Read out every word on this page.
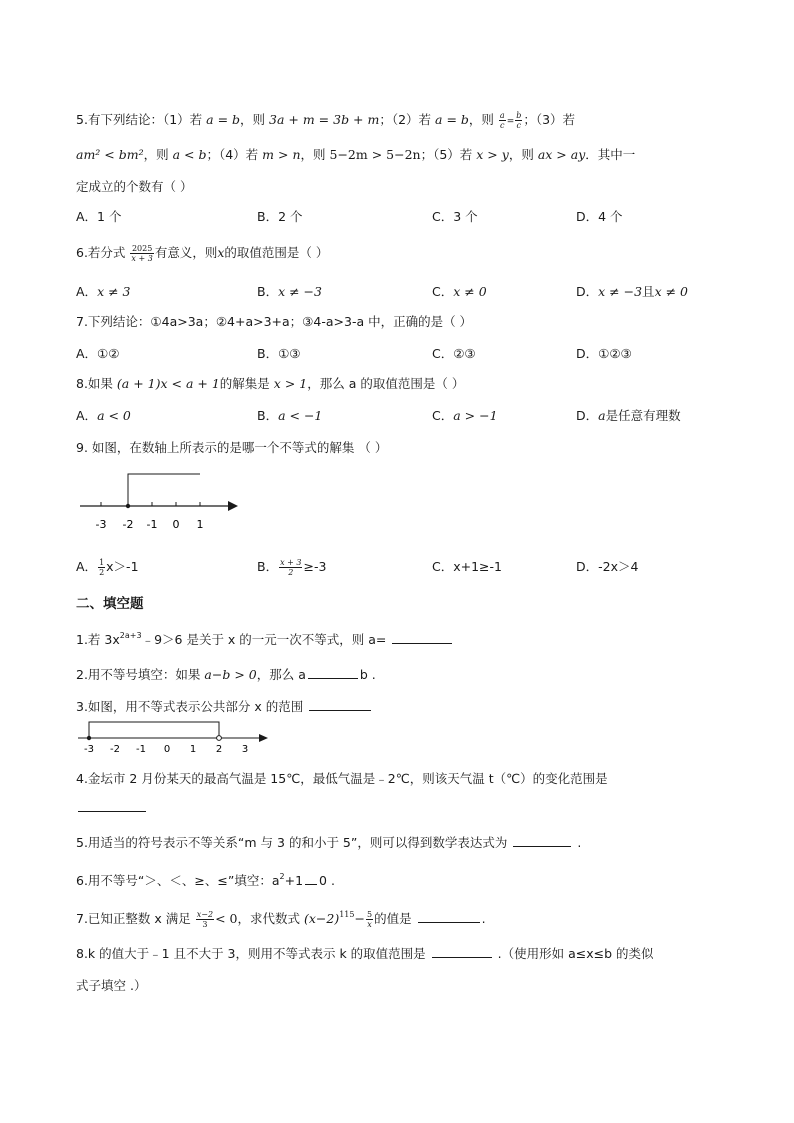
5.有下列结论：（1）若 a = b，则 3a + m = 3b + m；（2）若 a = b，则 $\frac{a}{c} = \frac{b}{c}$ ；（3）若
am² < bm²，则 a < b；（4）若 m > n，则 5−2m > 5−2n；（5）若 x > y，则 ax > ay．其中一
定成立的个数有（ ）
A．1 个	B．2 个	C．3 个	D．4 个
6.若分式 $\frac{2025}{x + 3}$ 有意义，则x的取值范围是（ ）
A．x ≠ 3	B．x ≠ −3	C．x ≠ 0	D．x ≠ −3且x ≠ 0
7.下列结论：①4a>3a；②4+a>3+a；③4-a>3-a 中，正确的是（ ）
A．①②	B．①③	C．②③	D．①②③
8.如果 (a + 1)x < a + 1的解集是 x > 1，那么 a 的取值范围是（ ）
A．a < 0	B．a < −1	C．a > −1	D．a是任意有理数
9. 如图，在数轴上所表示的是哪一个不等式的解集 （ ）
-3 -2 -1 0 1
A． $\frac{1}{2} x>-1$	B． $\frac{x + 3}{2} \ge-3$	C．x+1≥-1	D．-2x＞4
二、填空题
1.若 $3x^{2a+3}﹣9>6$ 是关于 x 的一元一次不等式，则 a=
2.用不等号填空：如果 a−b > 0，那么 a	b .
3.如图，用不等式表示公共部分 x 的范围
-3 -2 -1 0 1 2 3
4.金坛市 2 月份某天的最高气温是 15℃，最低气温是﹣2℃，则该天气温 t（℃）的变化范围是
5.用适当的符号表示不等关系“m 与 3 的和小于 5”，则可以得到数学表达式为	.
6.用不等号“＞、＜、≥、≤”填空：$a^2+1$ 0 .
7.已知正整数 x 满足 $\frac{x-2}{3} < 0$，求代数式 $(x-2)^{115}- \frac{5}{x}$ 的值是	.
8.k 的值大于﹣1 且不大于 3，则用不等式表示 k 的取值范围是	.（使用形如 a≤x≤b 的类似
式子填空 .）
